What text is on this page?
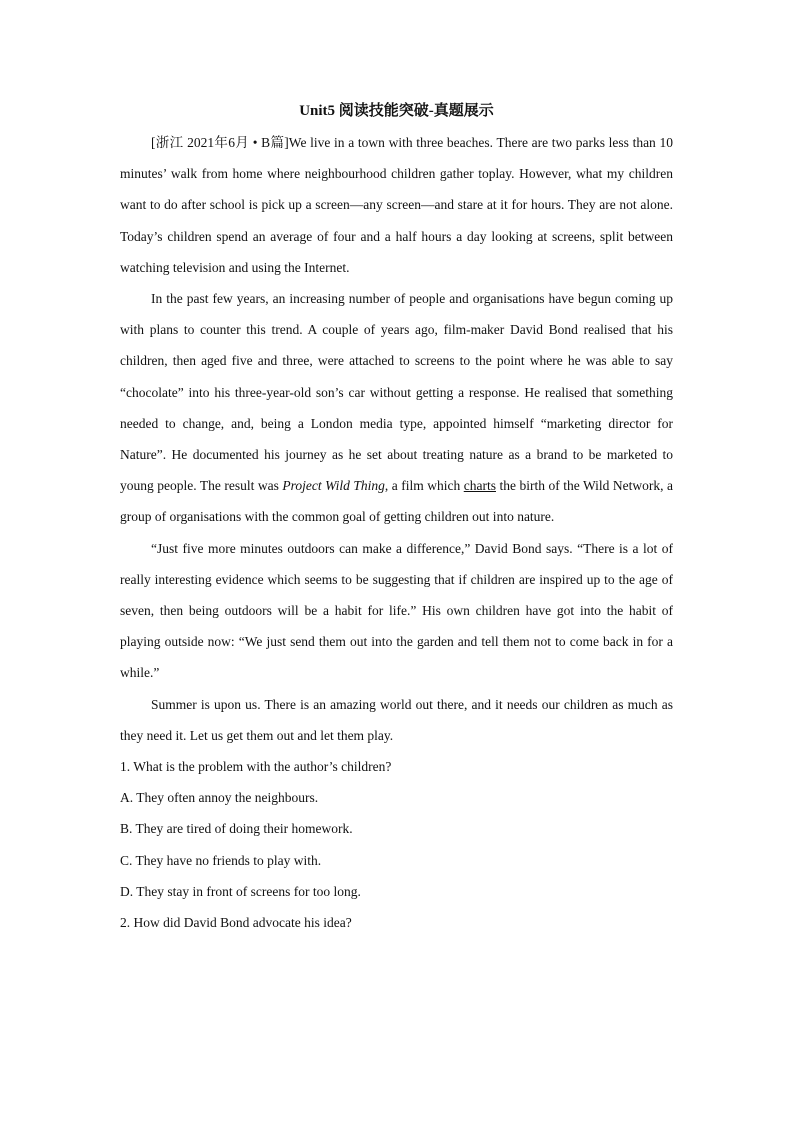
Unit5 阅读技能突破-真题展示

[浙江 2021年6月 • B篇]We live in a town with three beaches. There are two parks less than 10 minutes’ walk from home where neighbourhood children gather toplay. However, what my children want to do after school is pick up a screen—any screen—and stare at it for hours. They are not alone. Today’s children spend an average of four and a half hours a day looking at screens, split between watching television and using the Internet.

In the past few years, an increasing number of people and organisations have begun coming up with plans to counter this trend. A couple of years ago, film-maker David Bond realised that his children, then aged five and three, were attached to screens to the point where he was able to say “chocolate” into his three-year-old son’s car without getting a response. He realised that something needed to change, and, being a London media type, appointed himself “marketing director for Nature”. He documented his journey as he set about treating nature as a brand to be marketed to young people. The result was Project Wild Thing, a film which charts the birth of the Wild Network, a group of organisations with the common goal of getting children out into nature.

“Just five more minutes outdoors can make a difference,” David Bond says. “There is a lot of really interesting evidence which seems to be suggesting that if children are inspired up to the age of seven, then being outdoors will be a habit for life.” His own children have got into the habit of playing outside now: “We just send them out into the garden and tell them not to come back in for a while.”

Summer is upon us. There is an amazing world out there, and it needs our children as much as they need it. Let us get them out and let them play.

1. What is the problem with the author’s children?

A. They often annoy the neighbours.

B. They are tired of doing their homework.

C. They have no friends to play with.

D. They stay in front of screens for too long.

2. How did David Bond advocate his idea?
